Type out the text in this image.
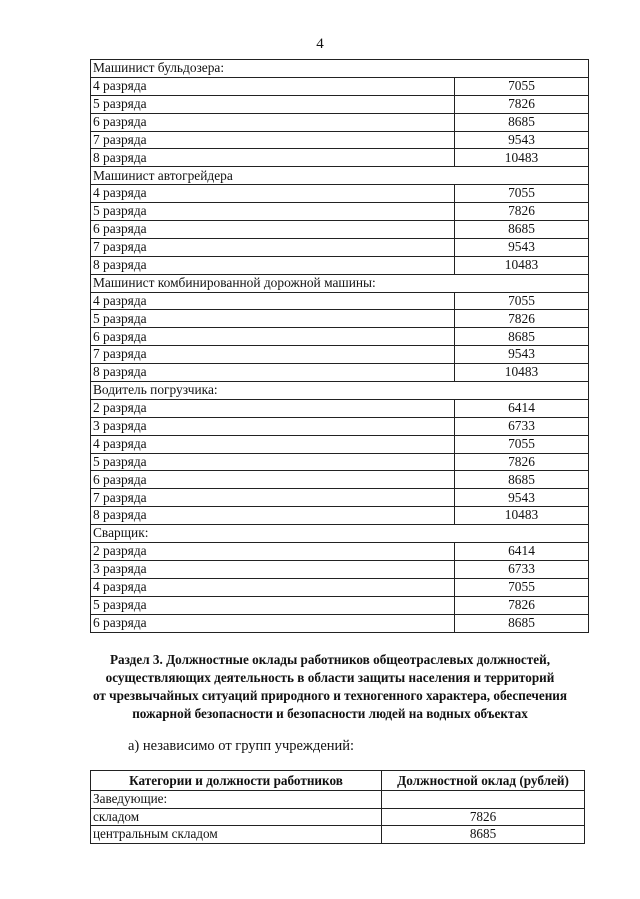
4
Машинист бульдозера:	
4 разряда	7055
5 разряда	7826
6 разряда	8685
7 разряда	9543
8 разряда	10483
Машинист автогрейдера	
4 разряда	7055
5 разряда	7826
6 разряда	8685
7 разряда	9543
8 разряда	10483
Машинист комбинированной дорожной машины:	
4 разряда	7055
5 разряда	7826
6 разряда	8685
7 разряда	9543
8 разряда	10483
Водитель погрузчика:	
2 разряда	6414
3 разряда	6733
4 разряда	7055
5 разряда	7826
6 разряда	8685
7 разряда	9543
8 разряда	10483
Сварщик:	
2 разряда	6414
3 разряда	6733
4 разряда	7055
5 разряда	7826
6 разряда	8685
Раздел 3. Должностные оклады работников общеотраслевых должностей,
осуществляющих деятельность в области защиты населения и территорий
от чрезвычайных ситуаций природного и техногенного характера, обеспечения
пожарной безопасности и безопасности людей на водных объектах
а) независимо от групп учреждений:
Категории и должности работников	Должностной оклад (рублей)
Заведующие:	
складом	7826
центральным складом	8685
